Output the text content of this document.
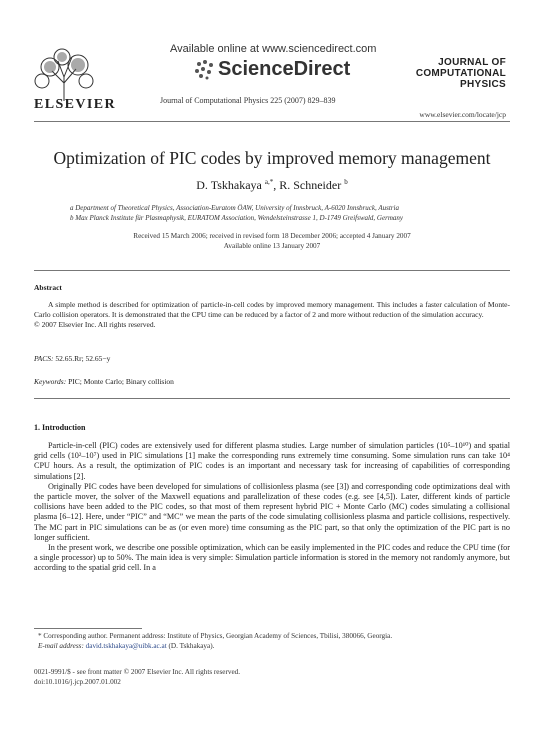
ELSEVIER
Available online at www.sciencedirect.com
ScienceDirect
Journal of Computational Physics 225 (2007) 829–839
JOURNAL OF
COMPUTATIONAL
PHYSICS
www.elsevier.com/locate/jcp
Optimization of PIC codes by improved memory management
D. Tskhakaya $^{a,*}$, R. Schneider $^b$
a Department of Theoretical Physics, Association-Euratom ÖAW, University of Innsbruck, A-6020 Innsbruck, Austria
b Max Planck Institute für Plasmaphysik, EURATOM Association, Wendelsteinstrasse 1, D-1749 Greifswald, Germany
Received 15 March 2006; received in revised form 18 December 2006; accepted 4 January 2007
Available online 13 January 2007
Abstract
A simple method is described for optimization of particle-in-cell codes by improved memory management. This includes a faster calculation of Monte-Carlo collision operators. It is demonstrated that the CPU time can be reduced by a factor of 2 and more without reduction of the simulation accuracy.
© 2007 Elsevier Inc. All rights reserved.
PACS: 52.65.Rr; 52.65−y
Keywords: PIC; Monte Carlo; Binary collision
1. Introduction

Particle-in-cell (PIC) codes are extensively used for different plasma studies. Large number of simulation particles (10⁵–10¹⁰) and spatial grid cells (10²–10⁷) used in PIC simulations [1] make the corresponding runs extremely time consuming. Some simulation runs can take 10⁴ CPU hours. As a result, the optimization of PIC codes is an important and necessary task for increasing of capabilities of corresponding simulations [2].

Originally PIC codes have been developed for simulations of collisionless plasma (see [3]) and corresponding code optimizations deal with the particle mover, the solver of the Maxwell equations and parallelization of these codes (e.g. see [4,5]). Later, different kinds of particle collisions have been added to the PIC codes, so that most of them represent hybrid PIC + Monte Carlo (MC) codes simulating a collisional plasma [6–12]. Here, under “PIC” and “MC” we mean the parts of the code simulating collisionless plasma and particle collisions, respectively. The MC part in PIC simulations can be as (or even more) time consuming as the PIC part, so that only the optimization of the PIC part is no longer sufficient.

In the present work, we describe one possible optimization, which can be easily implemented in the PIC codes and reduce the CPU time (for a single processor) up to 50%. The main idea is very simple: Simulation particle information is stored in the memory not randomly anymore, but according to the spatial grid cell. In a

* Corresponding author. Permanent address: Institute of Physics, Georgian Academy of Sciences, Tbilisi, 380066, Georgia.
E-mail address: david.tskhakaya@uibk.ac.at (D. Tskhakaya).
0021-9991/$ - see front matter © 2007 Elsevier Inc. All rights reserved.
doi:10.1016/j.jcp.2007.01.002
